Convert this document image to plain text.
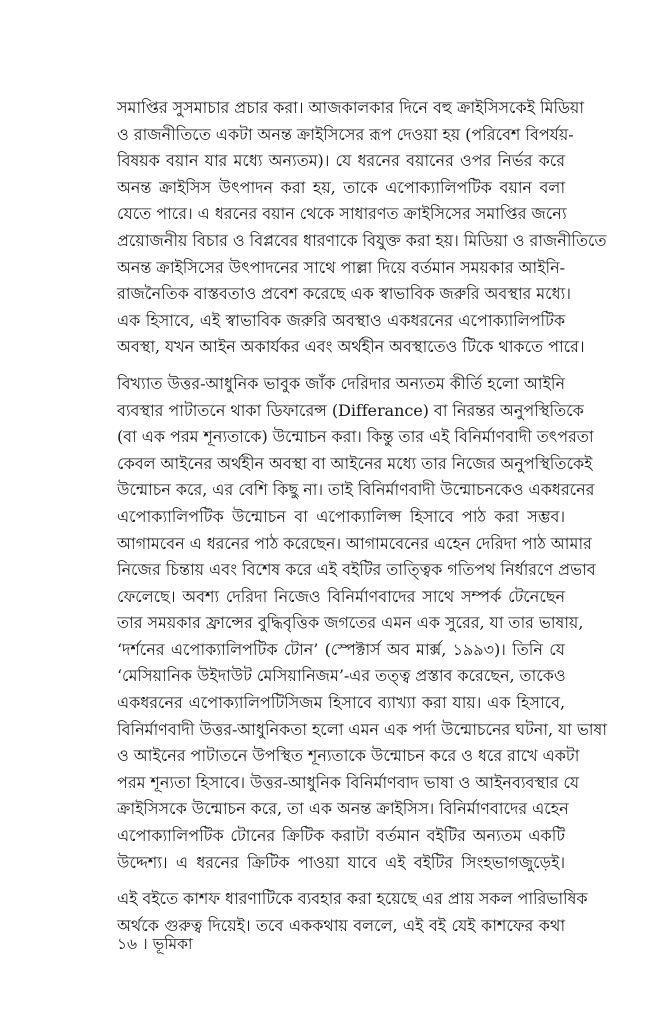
সমাপ্তির সুসমাচার প্রচার করা। আজকালকার দিনে বহু ক্রাইসিসকেই মিডিয়া
ও রাজনীতিতে একটা অনন্ত ক্রাইসিসের রূপ দেওয়া হয় (পরিবেশ বিপর্যয়-
বিষয়ক বয়ান যার মধ্যে অন্যতম)। যে ধরনের বয়ানের ওপর নির্ভর করে
অনন্ত ক্রাইসিস উৎপাদন করা হয়, তাকে এপোক্যালিপটিক বয়ান বলা
যেতে পারে। এ ধরনের বয়ান থেকে সাধারণত ক্রাইসিসের সমাপ্তির জন্যে
প্রয়োজনীয় বিচার ও বিপ্লবের ধারণাকে বিযুক্ত করা হয়। মিডিয়া ও রাজনীতিতে
অনন্ত ক্রাইসিসের উৎপাদনের সাথে পাল্লা দিয়ে বর্তমান সময়কার আইনি-
রাজনৈতিক বাস্তবতাও প্রবেশ করেছে এক স্বাভাবিক জরুরি অবস্থার মধ্যে।
এক হিসাবে, এই স্বাভাবিক জরুরি অবস্থাও একধরনের এপোক্যালিপটিক
অবস্থা, যখন আইন অকার্যকর এবং অর্থহীন অবস্থাতেও টিকে থাকতে পারে।
বিখ্যাত উত্তর-আধুনিক ভাবুক জাঁক দেরিদার অন্যতম কীর্তি হলো আইনি
ব্যবস্থার পাটাতনে থাকা ডিফারেন্স (Differance) বা নিরন্তর অনুপস্থিতিকে
(বা এক পরম শূন্যতাকে) উন্মোচন করা। কিন্তু তার এই বিনির্মাণবাদী তৎপরতা
কেবল আইনের অর্থহীন অবস্থা বা আইনের মধ্যে তার নিজের অনুপস্থিতিকেই
উন্মোচন করে, এর বেশি কিছু না। তাই বিনির্মাণবাদী উন্মোচনকেও একধরনের
এপোক্যালিপটিক উন্মোচন বা এপোক্যালিপ্স হিসাবে পাঠ করা সম্ভব।
আগামবেন এ ধরনের পাঠ করেছেন। আগামবেনের এহেন দেরিদা পাঠ আমার
নিজের চিন্তায় এবং বিশেষ করে এই বইটির তাত্ত্বিক গতিপথ নির্ধারণে প্রভাব
ফেলেছে। অবশ্য দেরিদা নিজেও বিনির্মাণবাদের সাথে সম্পর্ক টেনেছেন
তার সময়কার ফ্রান্সের বুদ্ধিবৃত্তিক জগতের এমন এক সুরের, যা তার ভাষায়,
‘দর্শনের এপোক্যালিপটিক টোন’ (স্পেক্টার্স অব মার্ক্স, ১৯৯৩)। তিনি যে
‘মেসিয়ানিক উইদাউট মেসিয়ানিজম’-এর তত্ত্ব প্রস্তাব করেছেন, তাকেও
একধরনের এপোক্যালিপটিসিজম হিসাবে ব্যাখ্যা করা যায়। এক হিসাবে,
বিনির্মাণবাদী উত্তর-আধুনিকতা হলো এমন এক পর্দা উন্মোচনের ঘটনা, যা ভাষা
ও আইনের পাটাতনে উপস্থিত শূন্যতাকে উন্মোচন করে ও ধরে রাখে একটা
পরম শূন্যতা হিসাবে। উত্তর-আধুনিক বিনির্মাণবাদ ভাষা ও আইনব্যবস্থার যে
ক্রাইসিসকে উন্মোচন করে, তা এক অনন্ত ক্রাইসিস। বিনির্মাণবাদের এহেন
এপোক্যালিপটিক টোনের ক্রিটিক করাটা বর্তমান বইটির অন্যতম একটি
উদ্দেশ্য। এ ধরনের ক্রিটিক পাওয়া যাবে এই বইটির সিংহভাগজুড়েই।
এই বইতে কাশফ ধারণাটিকে ব্যবহার করা হয়েছে এর প্রায় সকল পারিভাষিক
অর্থকে গুরুত্ব দিয়েই। তবে এককথায় বললে, এই বই যেই কাশফের কথা
১৬ । ভূমিকা
